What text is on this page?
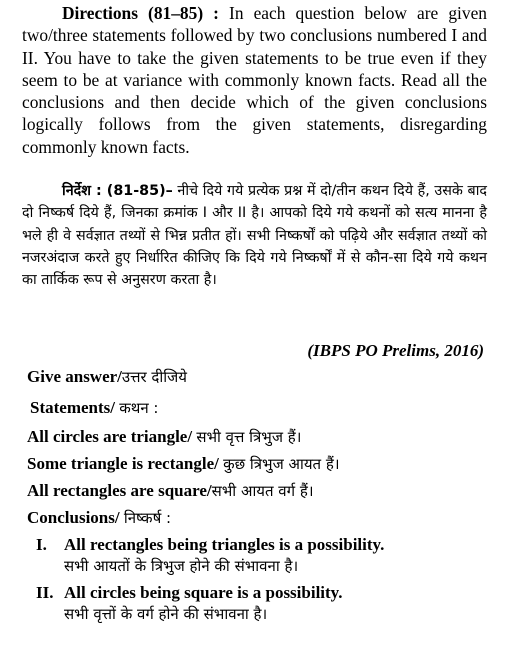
Directions (81–85) : In each question below are given two/three statements followed by two conclusions numbered I and II. You have to take the given statements to be true even if they seem to be at variance with commonly known facts. Read all the conclusions and then decide which of the given conclusions logically follows from the given statements, disregarding commonly known facts.

निर्देश : (81-85)– नीचे दिये गये प्रत्येक प्रश्न में दो/तीन कथन दिये हैं, उसके बाद दो निष्कर्ष दिये हैं, जिनका क्रमांक I और II है। आपको दिये गये कथनों को सत्य मानना है भले ही वे सर्वज्ञात तथ्यों से भिन्न प्रतीत हों। सभी निष्कर्षों को पढ़िये और सर्वज्ञात तथ्यों को नजरअंदाज करते हुए निर्धारित कीजिए कि दिये गये निष्कर्षों में से कौन-सा दिये गये कथन का तार्किक रूप से अनुसरण करता है।

(IBPS PO Prelims, 2016)
Give answer/उत्तर दीजिये
Statements/ कथन :
All circles are triangle/ सभी वृत्त त्रिभुज हैं।
Some triangle is rectangle/ कुछ त्रिभुज आयत हैं।
All rectangles are square/सभी आयत वर्ग हैं।
Conclusions/ निष्कर्ष :
I. All rectangles being triangles is a possibility.
सभी आयतों के त्रिभुज होने की संभावना है।
II. All circles being square is a possibility.
सभी वृत्तों के वर्ग होने की संभावना है।
